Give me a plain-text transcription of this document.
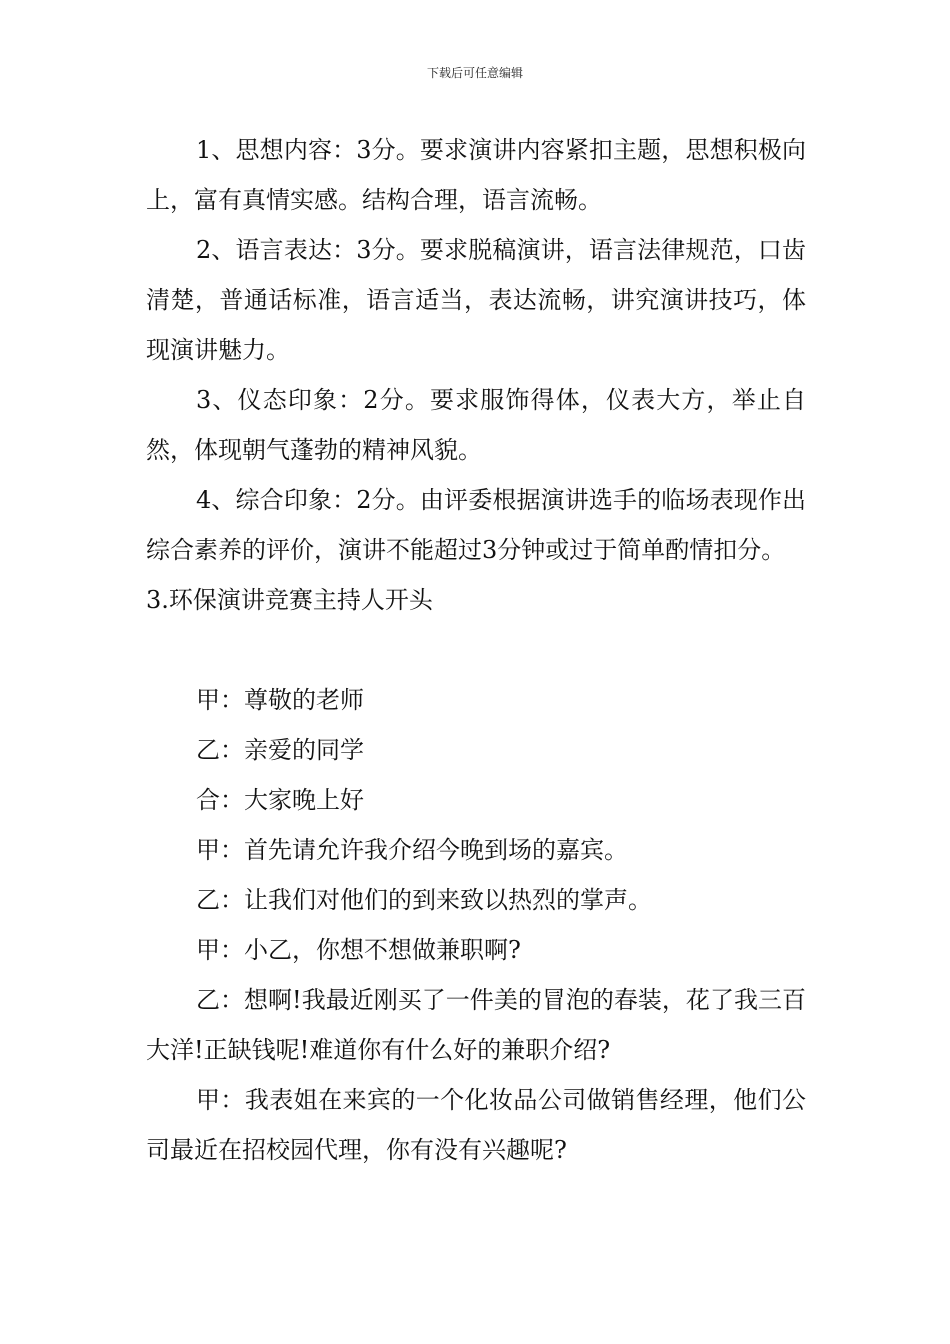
下载后可任意编辑

1、思想内容：3分。要求演讲内容紧扣主题，思想积极向上，富有真情实感。结构合理，语言流畅。

2、语言表达：3分。要求脱稿演讲，语言法律规范，口齿清楚，普通话标准，语言适当，表达流畅，讲究演讲技巧，体现演讲魅力。

3、仪态印象：2分。要求服饰得体，仪表大方，举止自然，体现朝气蓬勃的精神风貌。

4、综合印象：2分。由评委根据演讲选手的临场表现作出综合素养的评价，演讲不能超过3分钟或过于简单酌情扣分。

3.环保演讲竞赛主持人开头

甲：尊敬的老师

乙：亲爱的同学

合：大家晚上好

甲：首先请允许我介绍今晚到场的嘉宾。

乙：让我们对他们的到来致以热烈的掌声。

甲：小乙，你想不想做兼职啊?

乙：想啊!我最近刚买了一件美的冒泡的春装，花了我三百大洋!正缺钱呢!难道你有什么好的兼职介绍?

甲：我表姐在来宾的一个化妆品公司做销售经理，他们公司最近在招校园代理，你有没有兴趣呢?
